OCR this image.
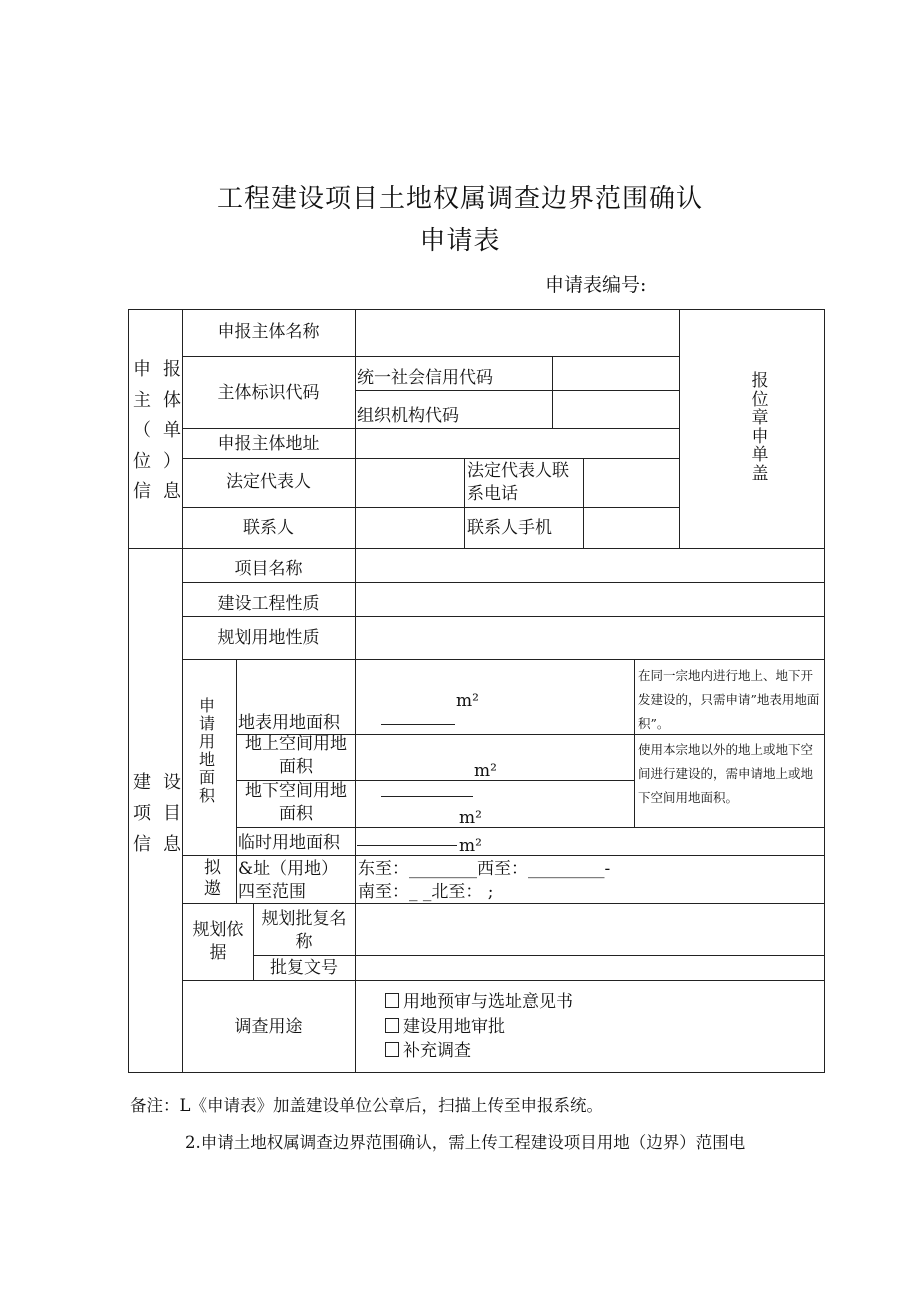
工程建设项目土地权属调查边界范围确认
申请表
申请表编号:
申报主体（单位）信息
申报主体名称
主体标识代码
统一社会信用代码
组织机构代码
申报主体地址
法定代表人
法定代表人联系电话
联系人	联系人手机
报位章申单盖
建设项目信息
项目名称
建设工程性质
规划用地性质
申请用地面积
地表用地面积
地上空间用地面积
地下空间用地面积
临时用地面积

m²

m²

m²
m²
在同一宗地内进行地上、地下开发建设的，只需申请”地表用地面积”。
使用本宗地以外的地上或地下空间进行建设的，需申请地上或地下空间用地面积。
拟
遨
&址（用地）
四至范围
东至：________西至：_________-
南至：_ _北至： ;
规划依据
规划批复名称
批复文号
调查用途
用地预审与选址意见书
建设用地审批
补充调查
备注：L《申请表》加盖建设单位公章后，扫描上传至申报系统。
2.申请土地权属调查边界范围确认，需上传工程建设项目用地（边界）范围电
